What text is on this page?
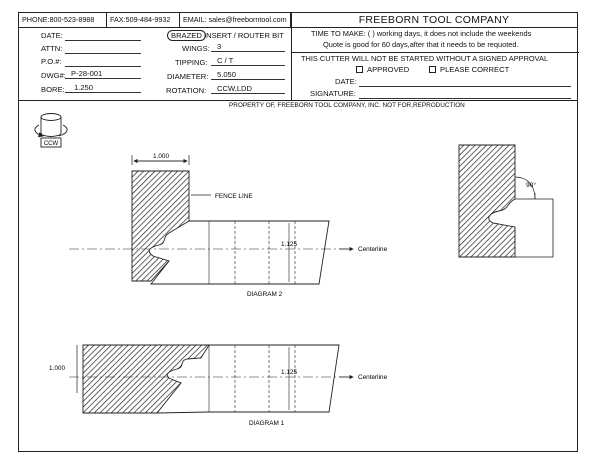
PHONE:800-523-8988	FAX:509-484-9932	EMAIL: sales@freeborntool.com	FREEBORN TOOL COMPANY
DATE:
ATTN:
P.O.#:
DWG#: P-28-001
BORE: 1.250
BRAZED INSERT / ROUTER BIT
WINGS: 3
TIPPING: C / T
DIAMETER: 5.050
ROTATION: CCW,LDD
TIME TO MAKE: ( ) working days, it does not include the weekends
Quote is good for 60 days,after that it needs to be requoted.
THIS CUTTER WILL NOT BE STARTED WITHOUT A SIGNED APPROVAL
APPROVED	PLEASE CORRECT
DATE:
SIGNATURE:
PROPERTY OF, FREEBORN TOOL COMPANY, INC. NOT FOR,REPRODUCTION
CCW
1.000
FENCE LINE
1.125
Centerline
DIAGRAM 2
1.000
1.125
Centerline
DIAGRAM 1
90°
